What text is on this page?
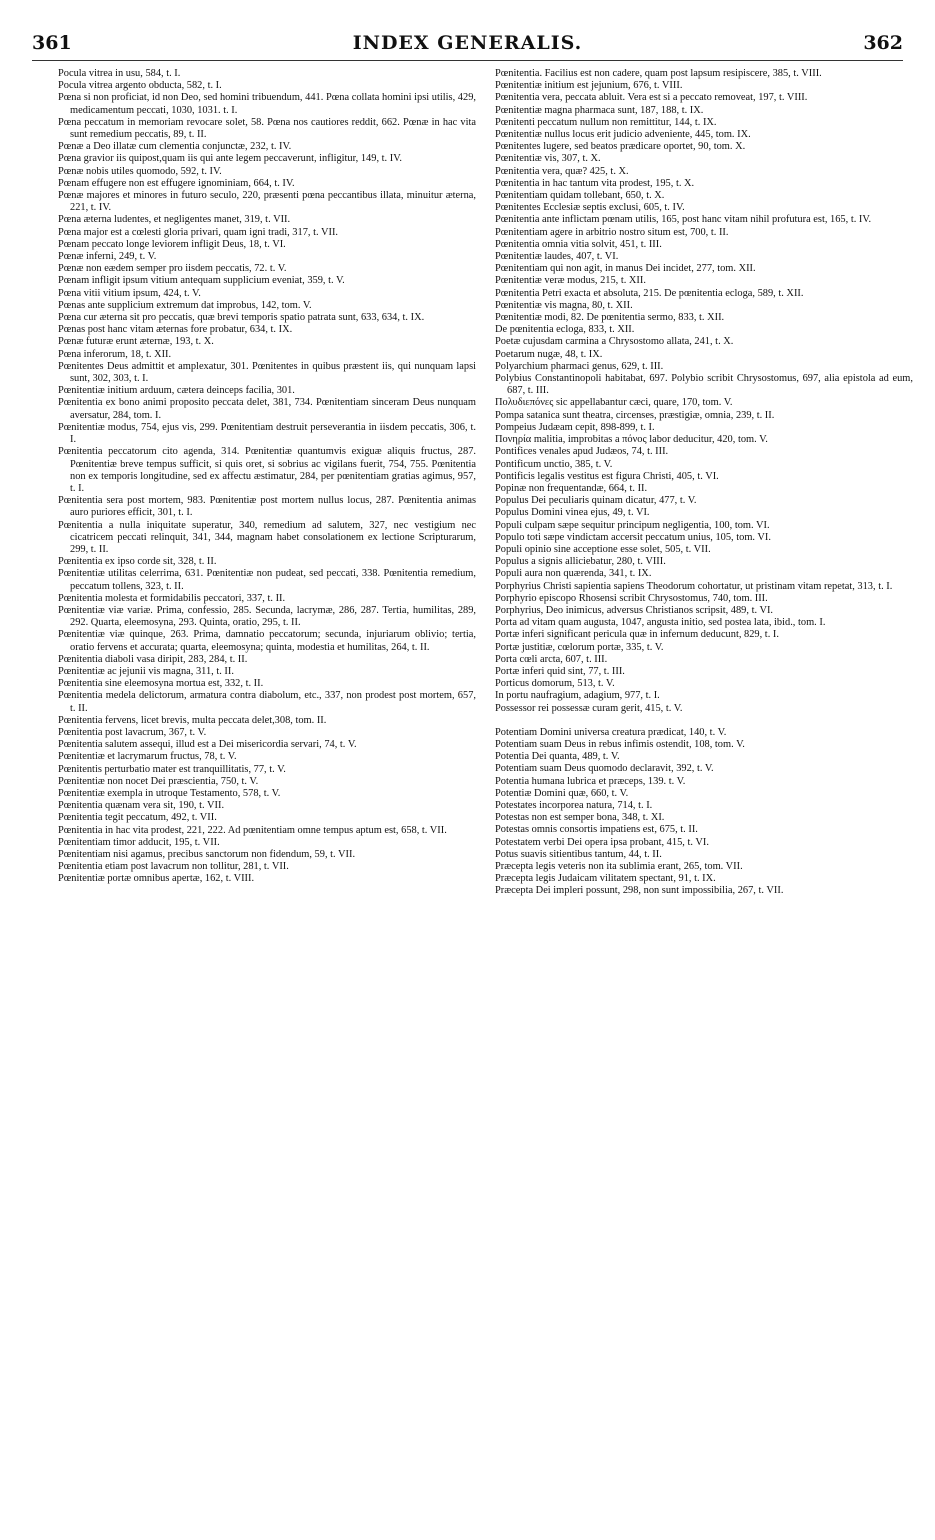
361	INDEX GENERALIS.	362

Pocula vitrea in usu, 584, t. I.

Pocula vitrea argento obducta, 582, t. I.

Pœna si non proficiat, id non Deo, sed homini tribuendum, 441. Pœna collata homini ipsi utilis, 429, medicamentum peccati, 1030, 1031. t. I.

Pœna peccatum in memoriam revocare solet, 58. Pœna nos cautiores reddit, 662. Pœnæ in hac vita sunt remedium peccatis, 89, t. II.

Pœnæ a Deo illatæ cum clementia conjunctæ, 232, t. IV.

Pœna gravior iis quipost,quam iis qui ante legem peccaverunt, infligitur, 149, t. IV.

Pœnæ nobis utiles quomodo, 592, t. IV.

Pœnam effugere non est effugere ignominiam, 664, t. IV.

Pœnæ majores et minores in futuro seculo, 220, præsenti pœna peccantibus illata, minuitur æterna, 221, t. IV.

Pœna æterna ludentes, et negligentes manet, 319, t. VII.

Pœna major est a cœlesti gloria privari, quam igni tradi, 317, t. VII.

Pœnam peccato longe leviorem infligit Deus, 18, t. VI.

Pœnæ inferni, 249, t. V.

Pœnæ non eædem semper pro iisdem peccatis, 72. t. V.

Pœnam infligit ipsum vitium antequam supplicium eveniat, 359, t. V.

Pœna vitii vitium ipsum, 424, t. V.

Pœnas ante supplicium extremum dat improbus, 142, tom. V.

Pœna cur æterna sit pro peccatis, quæ brevi temporis spatio patrata sunt, 633, 634, t. IX.

Pœnas post hanc vitam æternas fore probatur, 634, t. IX.

Pœnæ futuræ erunt æternæ, 193, t. X.

Pœna inferorum, 18, t. XII.

Pœnitentes Deus admittit et amplexatur, 301. Pœnitentes in quibus præstent iis, qui nunquam lapsi sunt, 302, 303, t. I.

Pœnitentiæ initium arduum, cætera deinceps facilia, 301.

Pœnitentia ex bono animi proposito peccata delet, 381, 734. Pœnitentiam sinceram Deus nunquam aversatur, 284, tom. I.

Pœnitentiæ modus, 754, ejus vis, 299. Pœnitentiam destruit perseverantia in iisdem peccatis, 306, t. I.

Pœnitentia peccatorum cito agenda, 314. Pœnitentiæ quantumvis exiguæ aliquis fructus, 287. Pœnitentiæ breve tempus sufficit, si quis oret, si sobrius ac vigilans fuerit, 754, 755. Pœnitentia non ex temporis longitudine, sed ex affectu æstimatur, 284, per pœnitentiam gratias agimus, 957, t. I.

Pœnitentia sera post mortem, 983. Pœnitentiæ post mortem nullus locus, 287. Pœnitentia animas auro puriores efficit, 301, t. I.

Pœnitentia a nulla iniquitate superatur, 340, remedium ad salutem, 327, nec vestigium nec cicatricem peccati relinquit, 341, 344, magnam habet consolationem ex lectione Scripturarum, 299, t. II.

Pœnitentia ex ipso corde sit, 328, t. II.

Pœnitentiæ utilitas celerrima, 631. Pœnitentiæ non pudeat, sed peccati, 338. Pœnitentia remedium, peccatum tollens, 323, t. II.

Pœnitentia molesta et formidabilis peccatori, 337, t. II.

Pœnitentiæ viæ variæ. Prima, confessio, 285. Secunda, lacrymæ, 286, 287. Tertia, humilitas, 289, 292. Quarta, eleemosyna, 293. Quinta, oratio, 295, t. II.

Pœnitentiæ viæ quinque, 263. Prima, damnatio peccatorum; secunda, injuriarum oblivio; tertia, oratio fervens et accurata; quarta, eleemosyna; quinta, modestia et humilitas, 264, t. II.

Pœnitentia diaboli vasa diripit, 283, 284, t. II.

Pœnitentiæ ac jejunii vis magna, 311, t. II.

Pœnitentia sine eleemosyna mortua est, 332, t. II.

Pœnitentia medela delictorum, armatura contra diabolum, etc., 337, non prodest post mortem, 657, t. II.

Pœnitentia fervens, licet brevis, multa peccata delet,308, tom. II.

Pœnitentia post lavacrum, 367, t. V.

Pœnitentia salutem assequi, illud est a Dei misericordia servari, 74, t. V.

Pœnitentiæ et lacrymarum fructus, 78, t. V.

Pœnitentis perturbatio mater est tranquillitatis, 77, t. V.

Pœnitentiæ non nocet Dei præscientia, 750, t. V.

Pœnitentiæ exempla in utroque Testamento, 578, t. V.

Pœnitentia quænam vera sit, 190, t. VII.

Pœnitentia tegit peccatum, 492, t. VII.

Pœnitentia in hac vita prodest, 221, 222. Ad pœnitentiam omne tempus aptum est, 658, t. VII.

Pœnitentiam timor adducit, 195, t. VII.

Pœnitentiam nisi agamus, precibus sanctorum non fidendum, 59, t. VII.

Pœnitentia etiam post lavacrum non tollitur, 281, t. VII.

Pœnitentiæ portæ omnibus apertæ, 162, t. VIII.

Pœnitentia. Facilius est non cadere, quam post lapsum resipiscere, 385, t. VIII.

Pœnitentiæ initium est jejunium, 676, t. VIII.

Pœnitentia vera, peccata abluit. Vera est si a peccato removeat, 197, t. VIII.

Pœnitentiæ magna pharmaca sunt, 187, 188, t. IX.

Pœnitenti peccatum nullum non remittitur, 144, t. IX.

Pœnitentiæ nullus locus erit judicio adveniente, 445, tom. IX.

Pœnitentes lugere, sed beatos prædicare oportet, 90, tom. X.

Pœnitentiæ vis, 307, t. X.

Pœnitentia vera, quæ? 425, t. X.

Pœnitentia in hac tantum vita prodest, 195, t. X.

Pœnitentiam quidam tollebant, 650, t. X.

Pœnitentes Ecclesiæ septis exclusi, 605, t. IV.

Pœnitentia ante inflictam pœnam utilis, 165, post hanc vitam nihil profutura est, 165, t. IV.

Pœnitentiam agere in arbitrio nostro situm est, 700, t. II.

Pœnitentia omnia vitia solvit, 451, t. III.

Pœnitentiæ laudes, 407, t. VI.

Pœnitentiam qui non agit, in manus Dei incidet, 277, tom. XII.

Pœnitentiæ veræ modus, 215, t. XII.

Pœnitentia Petri exacta et absoluta, 215. De pœnitentia ecloga, 589, t. XII.

Pœnitentiæ vis magna, 80, t. XII.

Pœnitentiæ modi, 82. De pœnitentia sermo, 833, t. XII.

De pœnitentia ecloga, 833, t. XII.

Poetæ cujusdam carmina a Chrysostomo allata, 241, t. X.

Poetarum nugæ, 48, t. IX.

Polyarchium pharmaci genus, 629, t. III.

Polybius Constantinopoli habitabat, 697. Polybio scribit Chrysostomus, 697, alia epistola ad eum, 687, t. III.

Πολυδιεπόνες sic appellabantur cæci, quare, 170, tom. V.

Pompa satanica sunt theatra, circenses, præstigiæ, omnia, 239, t. II.

Pompeius Judæam cepit, 898-899, t. I.

Πονηρία malitia, improbitas a πόνος labor deducitur, 420, tom. V.

Pontifices venales apud Judæos, 74, t. III.

Pontificum unctio, 385, t. V.

Pontificis legalis vestitus est figura Christi, 405, t. VI.

Popinæ non frequentandæ, 664, t. II.

Populus Dei peculiaris quinam dicatur, 477, t. V.

Populus Domini vinea ejus, 49, t. VI.

Populi culpam sæpe sequitur principum negligentia, 100, tom. VI.

Populo toti sæpe vindictam accersit peccatum unius, 105, tom. VI.

Populi opinio sine acceptione esse solet, 505, t. VII.

Populus a signis alliciebatur, 280, t. VIII.

Populi aura non quærenda, 341, t. IX.

Porphyrius Christi sapientia sapiens Theodorum cohortatur, ut pristinam vitam repetat, 313, t. I.

Porphyrio episcopo Rhosensi scribit Chrysostomus, 740, tom. III.

Porphyrius, Deo inimicus, adversus Christianos scripsit, 489, t. VI.

Porta ad vitam quam augusta, 1047, angusta initio, sed postea lata, ibid., tom. I.

Portæ inferi significant pericula quæ in infernum deducunt, 829, t. I.

Portæ justitiæ, cœlorum portæ, 335, t. V.

Porta cœli arcta, 607, t. III.

Portæ inferi quid sint, 77, t. III.

Porticus domorum, 513, t. V.

In portu naufragium, adagium, 977, t. I.

Possessor rei possessæ curam gerit, 415, t. V.

Potentiam Domini universa creatura prædicat, 140, t. V.

Potentiam suam Deus in rebus infimis ostendit, 108, tom. V.

Potentia Dei quanta, 489, t. V.

Potentiam suam Deus quomodo declaravit, 392, t. V.

Potentia humana lubrica et præceps, 139. t. V.

Potentiæ Domini quæ, 660, t. V.

Potestates incorporea natura, 714, t. I.

Potestas non est semper bona, 348, t. XI.

Potestas omnis consortis impatiens est, 675, t. II.

Potestatem verbi Dei opera ipsa probant, 415, t. VI.

Potus suavis sitientibus tantum, 44, t. II.

Præcepta legis veteris non ita sublimia erant, 265, tom. VII.

Præcepta legis Judaicam vilitatem spectant, 91, t. IX.

Præcepta Dei impleri possunt, 298, non sunt impossibilia, 267, t. VII.
